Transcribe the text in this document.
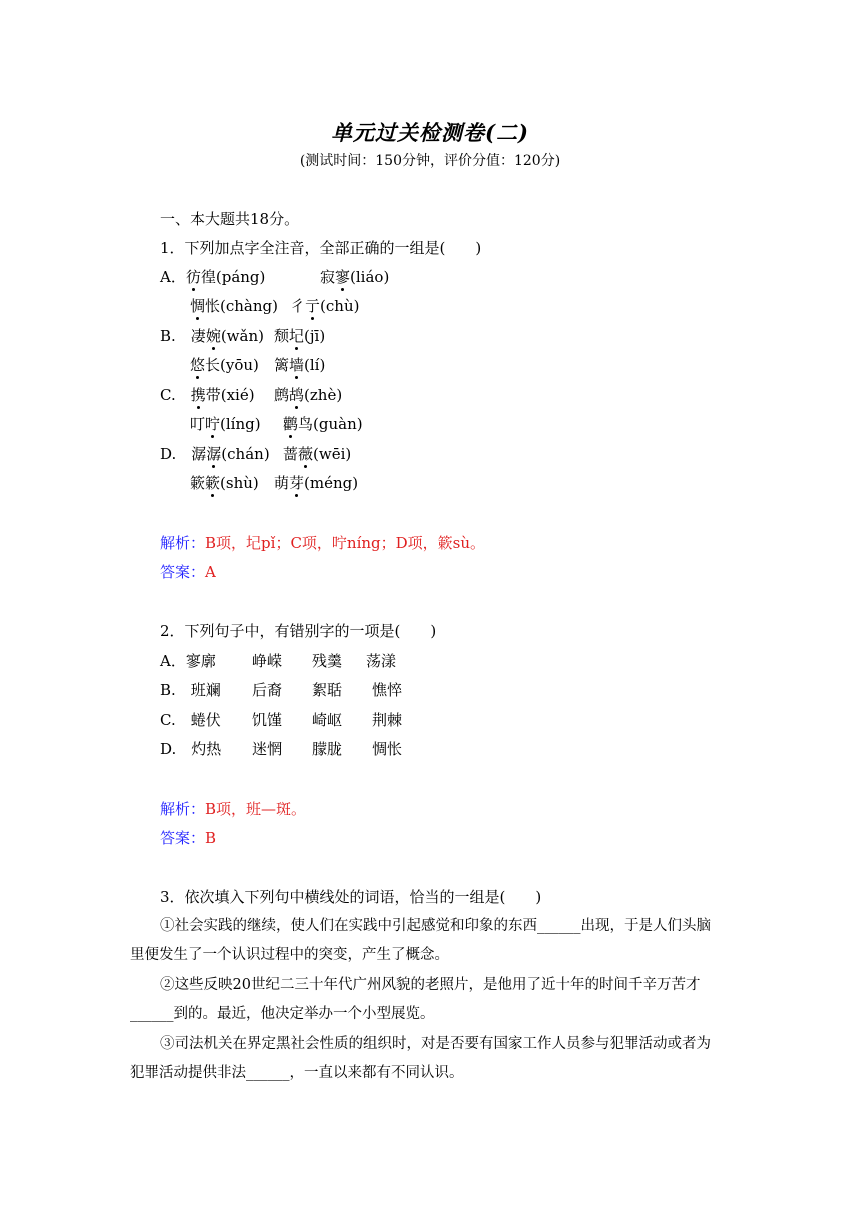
单元过关检测卷(二)
(测试时间：150分钟，评价分值：120分)
一、本大题共18分。
1．下列加点字全注音，全部正确的一组是(　　)
A．彷徨(páng)	寂寥(liáo)
惆怅(chàng) 彳亍(chù)
B.　凄婉(wǎn) 颓圮(jī)
悠长(yōu) 篱墙(lí)
C.　携带(xié) 鹧鸪(zhè)
叮咛(líng) 鹳鸟(guàn)
D.　潺潺(chán) 蔷薇(wēi)
簌簌(shù) 萌芽(méng)
解析：B项，圮pǐ；C项，咛níng；D项，簌sù。
答案：A
2．下列句子中，有错别字的一项是(　　)
A．寥廓 峥嵘 残羹 荡漾
B.　班斓 后裔 絮聒 憔悴
C.　蜷伏 饥馑 崎岖 荆棘
D.　灼热 迷惘 朦胧 惆怅
解析：B项，班—斑。
答案：B
3．依次填入下列句中横线处的词语，恰当的一组是(　　)
①社会实践的继续，使人们在实践中引起感觉和印象的东西______出现，于是人们头脑
里便发生了一个认识过程中的突变，产生了概念。
②这些反映20世纪二三十年代广州风貌的老照片，是他用了近十年的时间千辛万苦才
______到的。最近，他决定举办一个小型展览。
③司法机关在界定黑社会性质的组织时，对是否要有国家工作人员参与犯罪活动或者为
犯罪活动提供非法______，一直以来都有不同认识。
